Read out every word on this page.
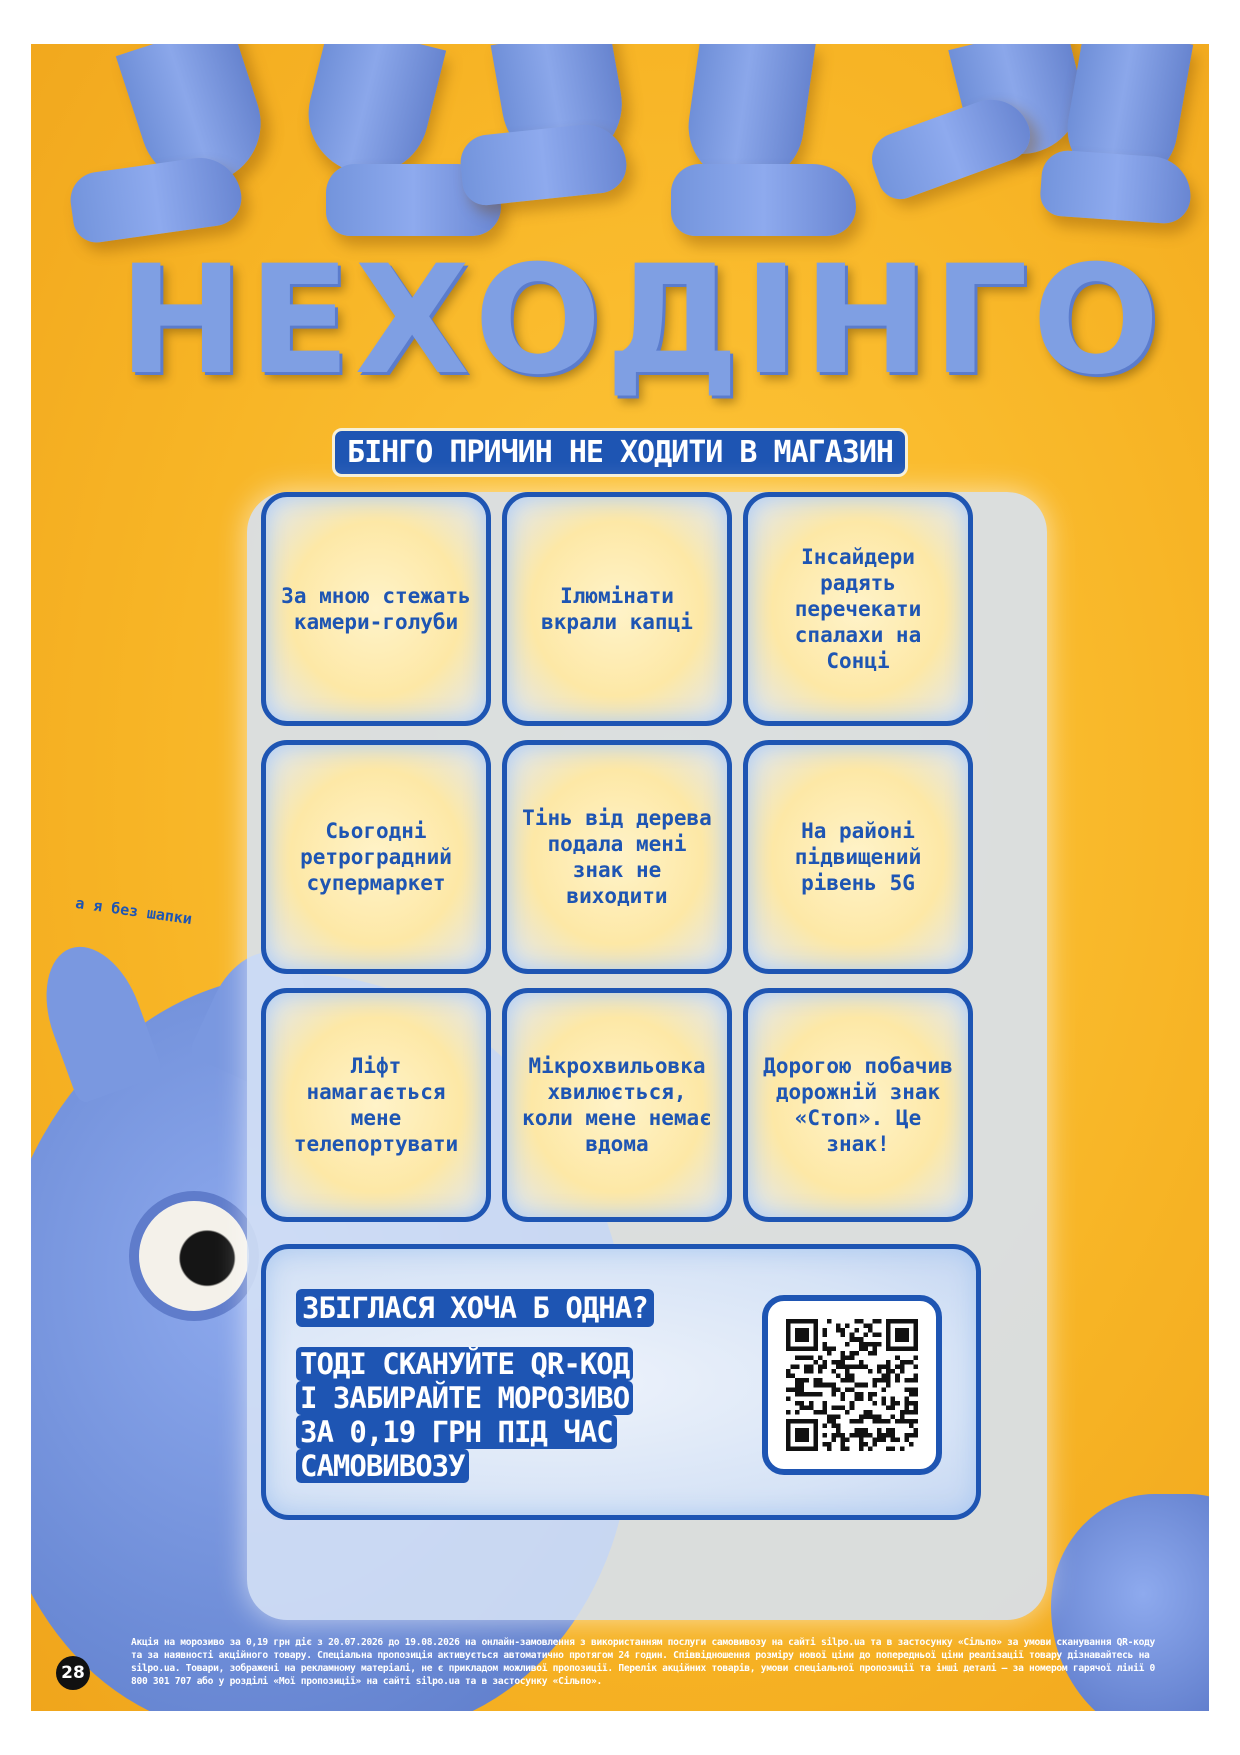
НЕХОДІНГО
БІНГО ПРИЧИН НЕ ХОДИТИ В МАГАЗИН
а я без шапки
За мною стежать камери-голуби
Ілюмінати вкрали капці
Інсайдери радять перечекати спалахи на Сонці
Сьогодні ретроградний супермаркет
Тінь від дерева подала мені знак не виходити
На районі підвищений рівень 5G
Ліфт намагається мене телепортувати
Мікрохвильовка хвилюється, коли мене немає вдома
Дорогою побачив дорожній знак «Стоп». Це знак!
ЗБІГЛАСЯ ХОЧА Б ОДНА?
ТОДІ СКАНУЙТЕ QR-КОД
І ЗАБИРАЙТЕ МОРОЗИВО
ЗА 0,19 ГРН ПІД ЧАС
САМОВИВОЗУ
Акція на морозиво за 0,19 грн діє з 20.07.2026 до 19.08.2026 на онлайн-замовлення з використанням послуги самовивозу на сайті silpo.ua та в застосунку «Сільпо» за умови сканування QR-коду та за наявності акційного товару. Спеціальна пропозиція активується автоматично протягом 24 годин. Співвідношення розміру нової ціни до попередньої ціни реалізації товару дізнавайтесь на silpo.ua. Товари, зображені на рекламному матеріалі, не є прикладом можливої пропозиції. Перелік акційних товарів, умови спеціальної пропозиції та інші деталі – за номером гарячої лінії 0 800 301 707 або у розділі «Мої пропозиції» на сайті silpo.ua та в застосунку «Сільпо».
28
